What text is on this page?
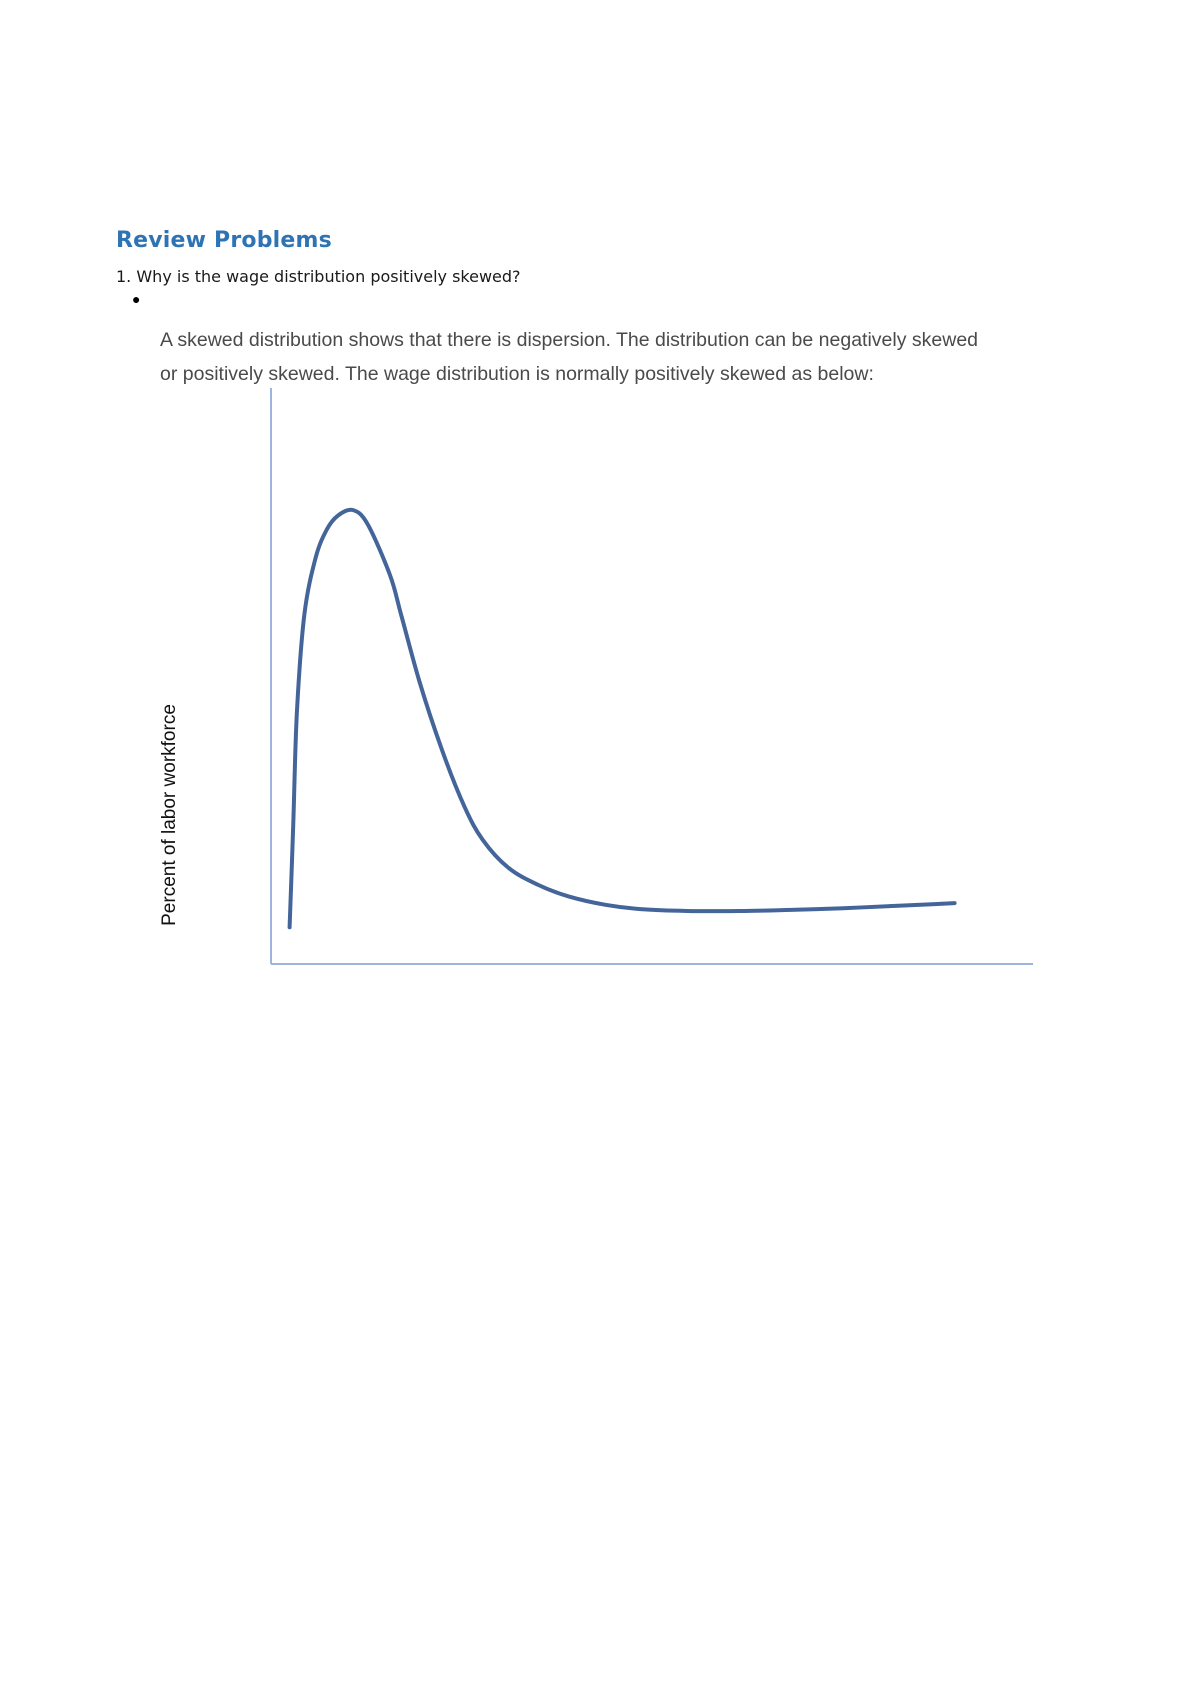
Review Problems
1. Why is the wage distribution positively skewed?
●

A skewed distribution shows that there is dispersion. The distribution can be negatively skewed

or positively skewed. The wage distribution is normally positively skewed as below:

Percent of labor workforce
